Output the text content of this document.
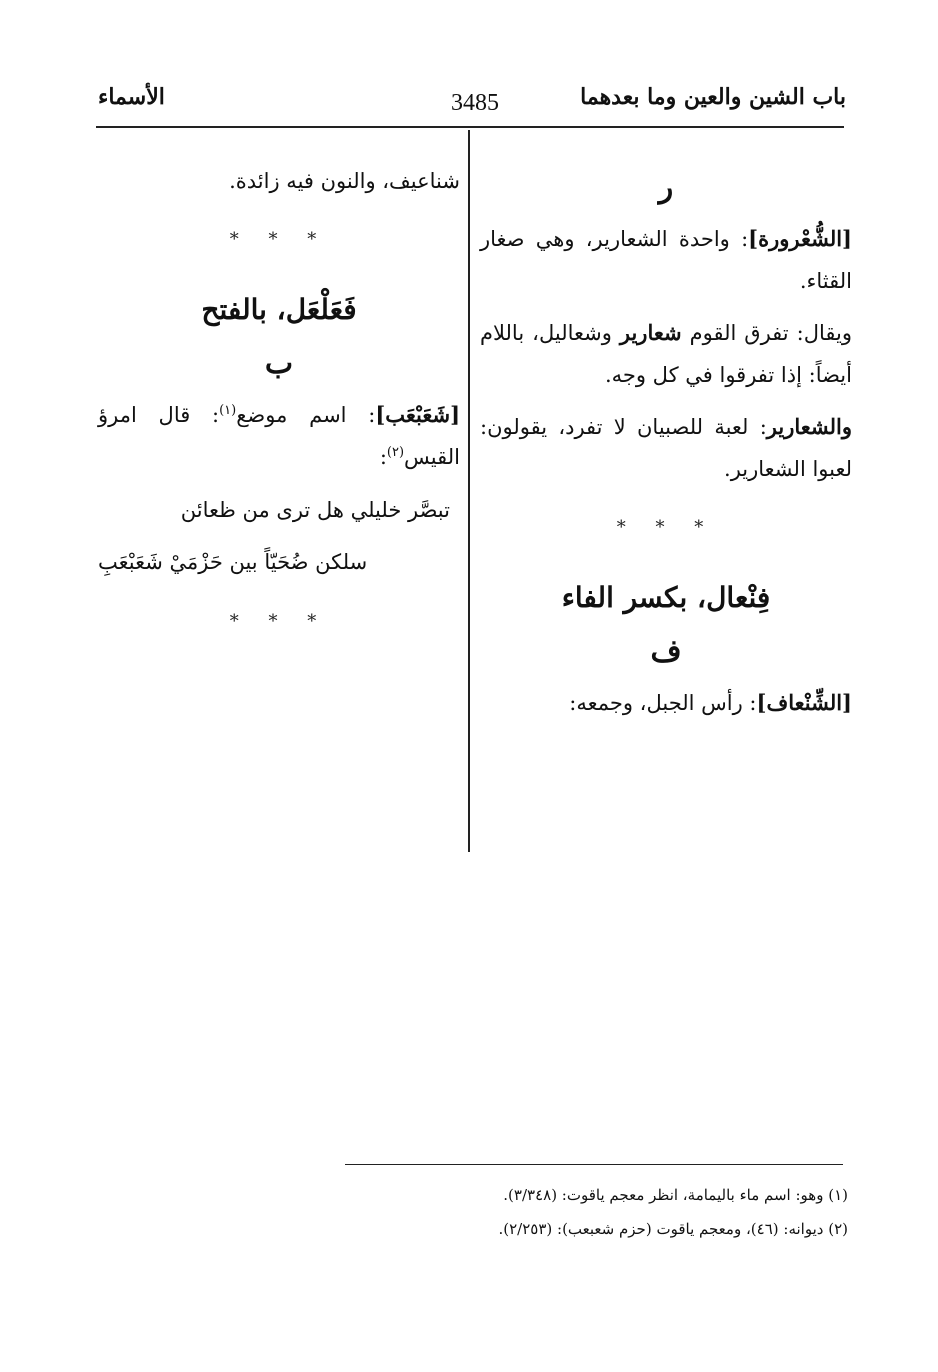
باب الشين والعين وما بعدهما
3485
الأسماء
ر

[الشُّعْرورة]: واحدة الشعارير، وهي صغار القثاء.

ويقال: تفرق القوم شعارير وشعاليل، باللام أيضاً: إذا تفرقوا في كل وجه.

والشعارير: لعبة للصبيان لا تفرد، يقولون: لعبوا الشعارير.

* * *
فِنْعال، بكسر الفاء
ف

[الشِّنْعاف]: رأس الجبل، وجمعه:

شناعيف، والنون فيه زائدة.

* * *
فَعَلْعَل، بالفتح
ب

[شَعَبْعَب]: اسم موضع$^{(١)}$: قال امرؤ القيس$^{(٢)}$:

تبصَّر خليلي هل ترى من ظعائن
سلكن ضُحَيّاً بين حَزْمَيْ شَعَبْعَبِ
* * *
(١) وهو: اسم ماء باليمامة، انظر معجم ياقوت: (٣/٣٤٨).
(٢) ديوانه: (٤٦)، ومعجم ياقوت (حزم شعبعب): (٢/٢٥٣).
